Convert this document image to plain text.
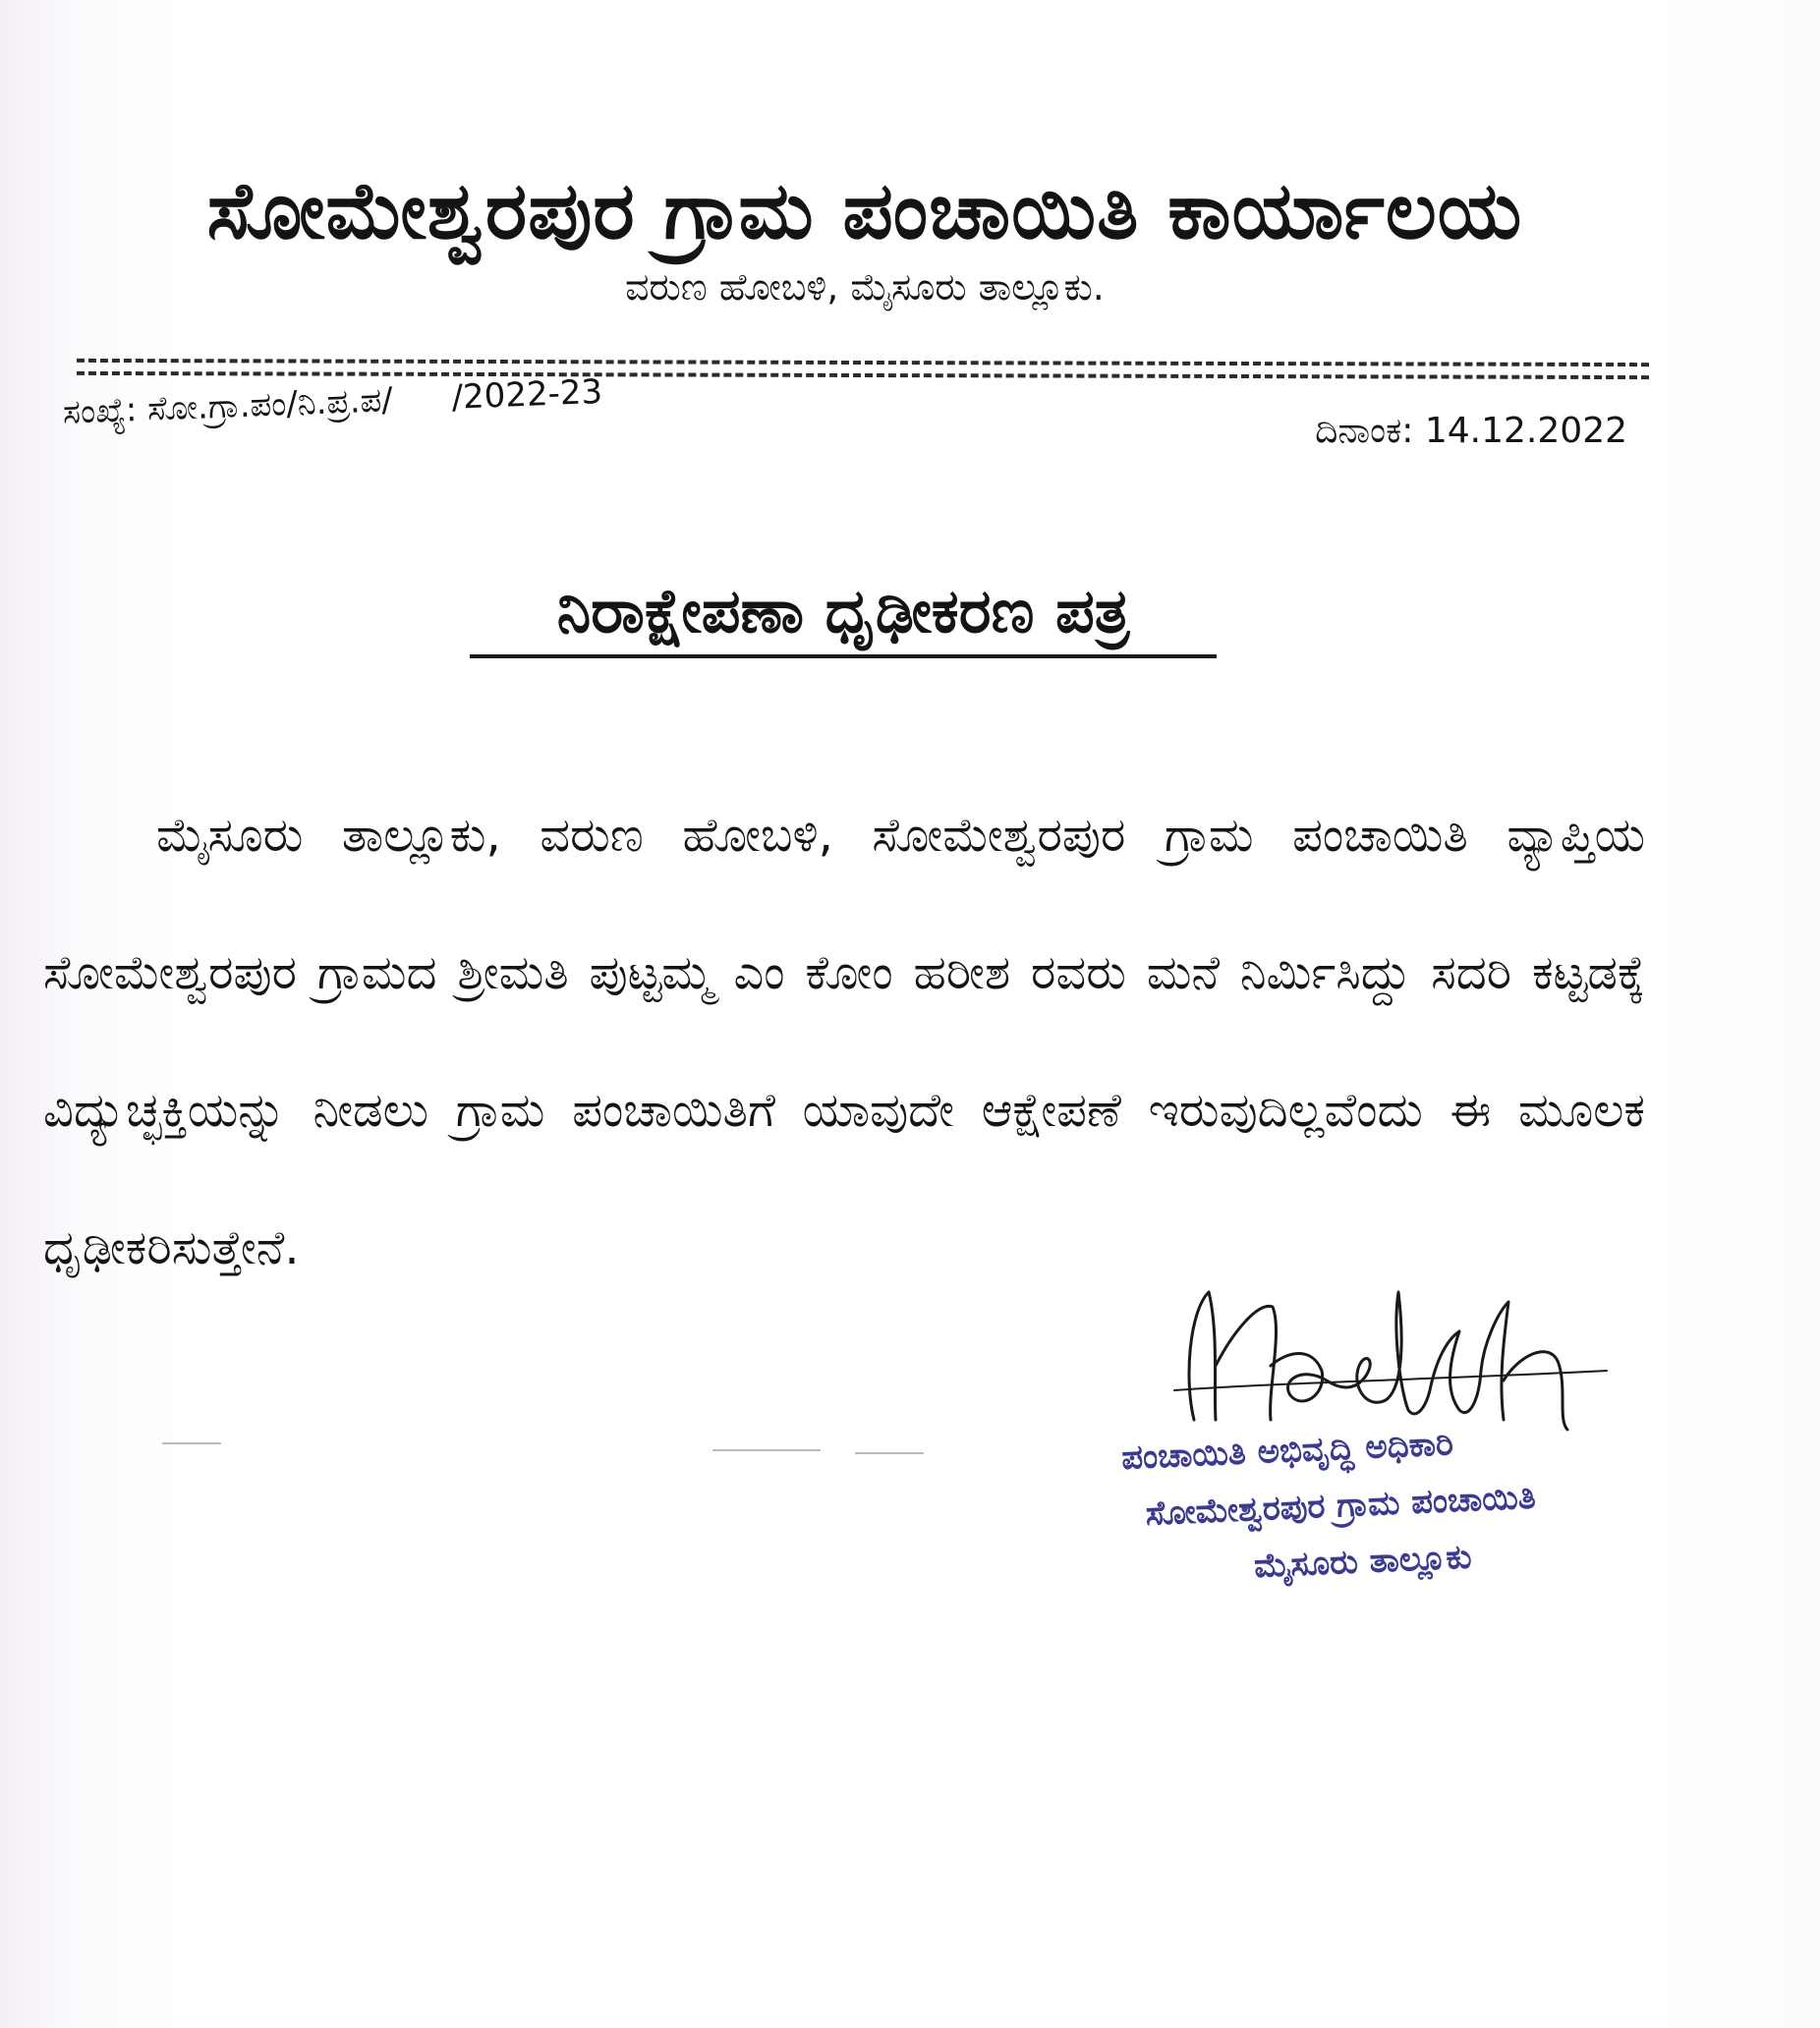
ಸೋಮೇಶ್ವರಪುರ ಗ್ರಾಮ ಪಂಚಾಯಿತಿ ಕಾರ್ಯಾಲಯ
ವರುಣ ಹೋಬಳಿ, ಮೈಸೂರು ತಾಲ್ಲೂಕು.
ಸಂಖ್ಯೆ: ಸೋ.ಗ್ರಾ.ಪಂ/ನಿ.ಪ್ರ.ಪ/ /2022-23
ದಿನಾಂಕ: 14.12.2022
ನಿರಾಕ್ಷೇಪಣಾ ಧೃಢೀಕರಣ ಪತ್ರ
ಮೈಸೂರು ತಾಲ್ಲೂಕು, ವರುಣ ಹೋಬಳಿ, ಸೋಮೇಶ್ವರಪುರ ಗ್ರಾಮ ಪಂಚಾಯಿತಿ ವ್ಯಾಪ್ತಿಯ ಸೋಮೇಶ್ವರಪುರ ಗ್ರಾಮದ ಶ್ರೀಮತಿ ಪುಟ್ಟಮ್ಮ ಎಂ ಕೋಂ ಹರೀಶ ರವರು ಮನೆ ನಿರ್ಮಿಸಿದ್ದು ಸದರಿ ಕಟ್ಟಡಕ್ಕೆ ವಿದ್ಯುಚ್ಛಕ್ತಿಯನ್ನು ನೀಡಲು ಗ್ರಾಮ ಪಂಚಾಯಿತಿಗೆ ಯಾವುದೇ ಆಕ್ಷೇಪಣೆ ಇರುವುದಿಲ್ಲವೆಂದು ಈ ಮೂಲಕ ಧೃಢೀಕರಿಸುತ್ತೇನೆ.
ಪಂಚಾಯಿತಿ ಅಭಿವೃದ್ಧಿ ಅಧಿಕಾರಿ
ಸೋಮೇಶ್ವರಪುರ ಗ್ರಾಮ ಪಂಚಾಯಿತಿ
ಮೈಸೂರು ತಾಲ್ಲೂಕು
